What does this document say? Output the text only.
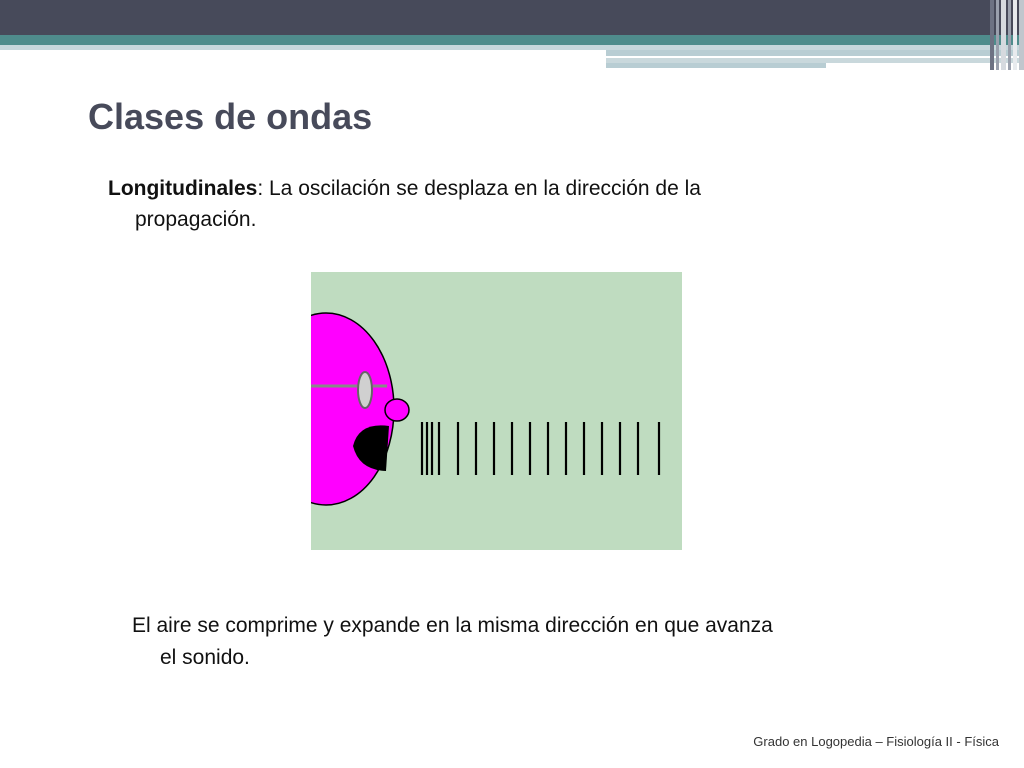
Clases de ondas

Longitudinales: La oscilación se desplaza en la dirección de la
propagación.

El aire se comprime y expande en la misma dirección en que avanza
el sonido.

Grado en Logopedia – Fisiología II - Física
